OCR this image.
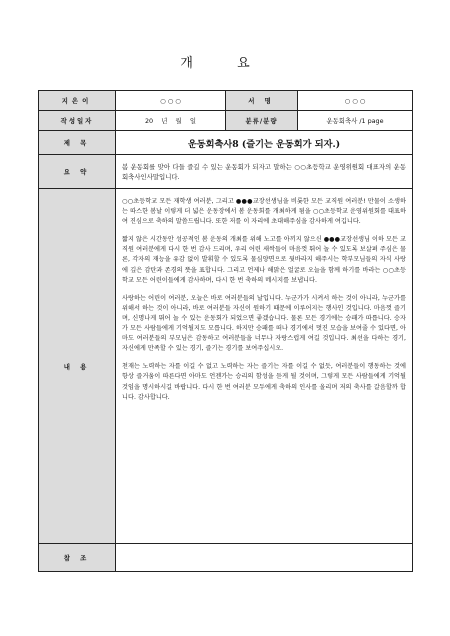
개 요
지은이	○ ○ ○	서 명	○ ○ ○
작성일자	20    년    월    일	분류/분량	운동회축사 /1 page
제 목	운동회축사8 (즐기는 운동회가 되자.)		
요 약	봄 운동회를 맞아 다들 즐길 수 있는 운동회가 되자고 말하는 ○○초등학교 운영위원회 대표자의 운동회축사인사말입니다.		
내 용	○○초등학교 모든 재학생 여러분, 그리고 ●●●교장선생님을 비롯한 모든 교직원 여러분! 만물이 소생하는 따스한 봄날 이렇게 더 넓은 운동장에서 봄 운동회를 개최하게 됨을 ○○초등학교 운영위원회를 대표하여 진심으로 축하의 말씀드립니다. 또한 저를 이 자리에 초대해주심을 감사하게 여깁니다.

짧지 않은 시간동안 성공적인 봄 운동의 개최를 위해 노고를 아끼지 않으신 ●●●교장선생님 이하 모든 교직원 여러분에게 다시 한 번 감사 드리며, 우리 어린 새싹들이 마음껏 뛰어 놀 수 있도록 보살펴 주심은 물론, 각자의 재능을 유감 없이 발휘할 수 있도록 물심양면으로 뒷바라지 해주시는 학부모님들의 자식 사랑에 깊은 감탄과 존경의 뜻을 표합니다. 그리고 언제나 해맑은 얼굴로 오늘을 함께 하기를 바라는 ○○초등학교 모든 어린이들에게 감사하며, 다시 한 번 축하의 메시지를 보냅니다.

사랑하는 어린이 여러분, 오늘은 바로 여러분들의 날입니다. 누군가가 시켜서 하는 것이 아니라, 누군가를 위해서 하는 것이 아니라, 바로 여러분들 자신이 원하기 때문에 이루어지는 행사인 것입니다. 마음껏 즐기며, 신명나게 뛰어 놀 수 있는 운동회가 되었으면 좋겠습니다. 물론 모든 경기에는 승패가 따릅니다. 승자가 모든 사람들에게 기억될지도 모릅니다. 하지만 승패를 떠나 경기에서 멋진 모습을 보여줄 수 있다면, 아마도 여러분들의 부모님은 감동하고 여러분들을 너무나 자랑스럽게 여길 것입니다. 최선을 다하는 경기, 자신에게 만족할 수 있는 경기, 즐기는 경기를 보여주십시오.

천재는 노력하는 자를 이길 수 없고 노력하는 자는 즐기는 자를 이길 수 없듯, 여러분들이 행동하는 것에 항상 즐거움이 따른다면 아마도 언젠가는 승리의 함성을 듣게 될 것이며, 그렇게 모든 사람들에게 기억될 것임을 명시하시길 바랍니다. 다시 한 번 여러분 모두에게 축하의 인사를 올리며 저의 축사를 갈음할까 합니다. 감사합니다.		

참 조			
